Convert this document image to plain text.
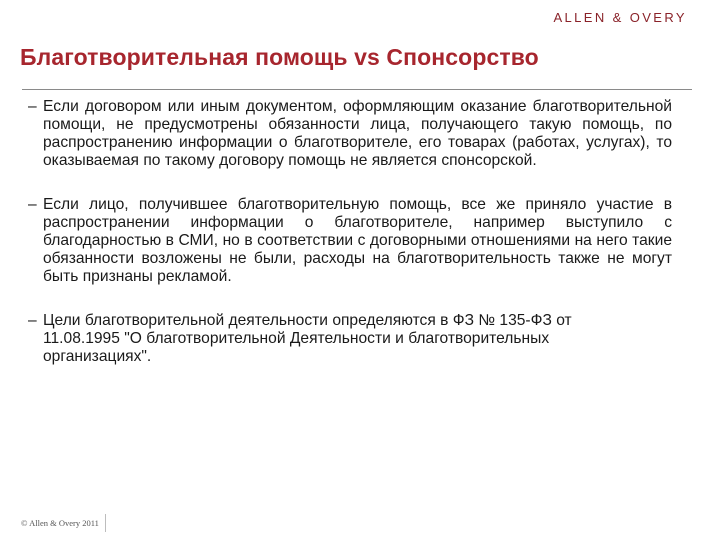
ALLEN & OVERY
Благотворительная помощь vs Спонсорство
– Если договором или иным документом, оформляющим оказание благотворительной помощи, не предусмотрены обязанности лица, получающего такую помощь, по распространению информации о благотворителе, его товарах (работах, услугах), то оказываемая по такому договору помощь не является спонсорской.
– Если лицо, получившее благотворительную помощь, все же приняло участие в распространении информации о благотворителе, например выступило с благодарностью в СМИ, но в соответствии с договорными отношениями на него такие обязанности возложены не были, расходы на благотворительность также не могут быть признаны рекламой.
– Цели благотворительной деятельности определяются в ФЗ № 135-ФЗ от 11.08.1995 "О благотворительной Деятельности и благотворительных организациях".
© Allen & Overy 2011
